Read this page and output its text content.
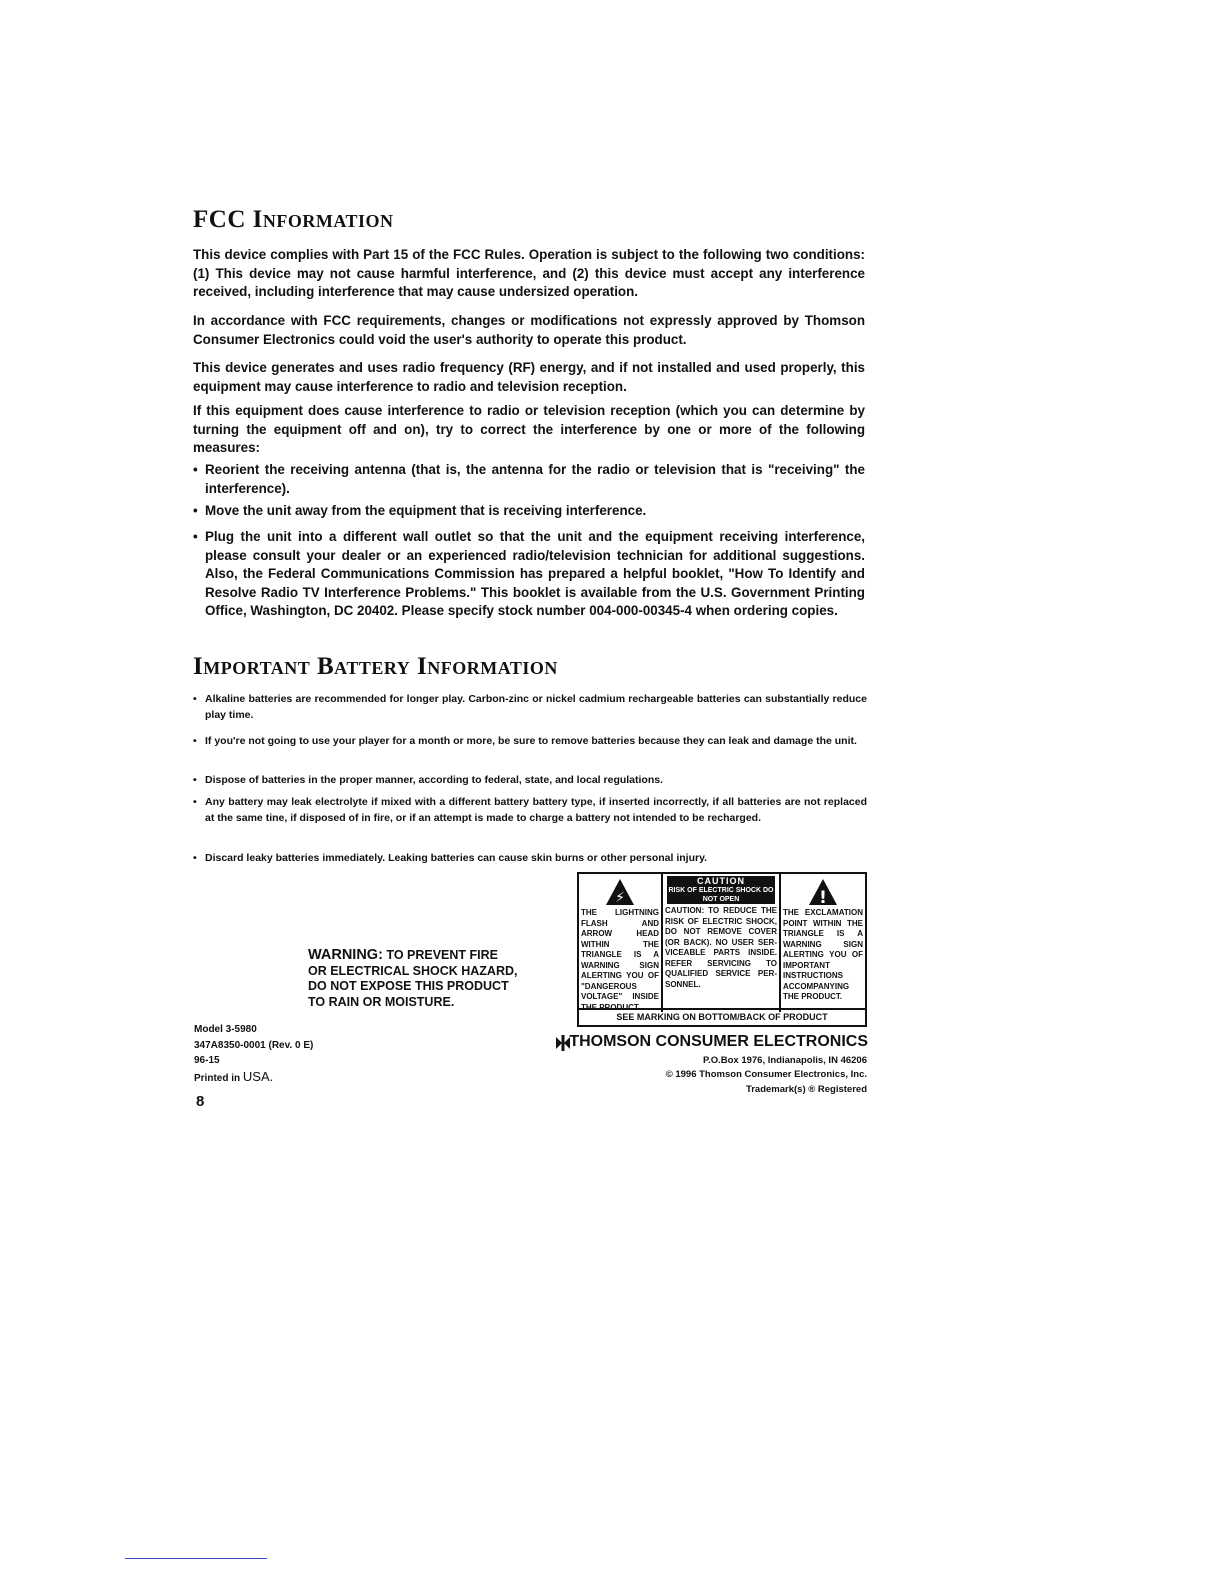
FCC Information

This device complies with Part 15 of the FCC Rules. Operation is subject to the following two conditions: (1) This device may not cause harmful interference, and (2) this device must accept any interference received, including interference that may cause undersized operation.

In accordance with FCC requirements, changes or modifications not expressly approved by Thomson Consumer Electronics could void the user's authority to operate this product.

This device generates and uses radio frequency (RF) energy, and if not installed and used properly, this equipment may cause interference to radio and television reception.

If this equipment does cause interference to radio or television reception (which you can determine by turning the equipment off and on), try to correct the interference by one or more of the following measures:

• Reorient the receiving antenna (that is, the antenna for the radio or television that is "receiving" the interference).

• Move the unit away from the equipment that is receiving interference.

• Plug the unit into a different wall outlet so that the unit and the equipment receiving interference, please consult your dealer or an experienced radio/television technician for additional suggestions. Also, the Federal Communications Commission has prepared a helpful booklet, "How To Identify and Resolve Radio TV Interference Problems." This booklet is available from the U.S. Government Printing Office, Washington, DC 20402. Please specify stock number 004-000-00345-4 when ordering copies.

Important Battery Information

• Alkaline batteries are recommended for longer play. Carbon-zinc or nickel cadmium rechargeable batteries can substantially reduce play time.

• If you're not going to use your player for a month or more, be sure to remove batteries because they can leak and damage the unit.

• Dispose of batteries in the proper manner, according to federal, state, and local regulations.

• Any battery may leak electrolyte if mixed with a different battery battery type, if inserted incorrectly, if all batteries are not replaced at the same tine, if disposed of in fire, or if an attempt is made to charge a battery not intended to be recharged.

• Discard leaky batteries immediately. Leaking batteries can cause skin burns or other personal injury.

WARNING: TO PREVENT FIRE
OR ELECTRICAL SHOCK HAZARD,
DO NOT EXPOSE THIS PRODUCT
TO RAIN OR MOISTURE.

⚡
THE LIGHTNING FLASH AND ARROW HEAD WITHIN THE TRIANGLE IS A WARNING SIGN ALERTING YOU OF "DANGEROUS VOLTAGE" INSIDE THE PRODUCT.
CAUTION
RISK OF ELECTRIC SHOCK DO NOT OPEN
CAUTION: TO REDUCE THE RISK OF ELECTRIC SHOCK, DO NOT REMOVE COVER (OR BACK). NO USER SER-VICEABLE PARTS INSIDE. REFER SERVICING TO QUALIFIED SERVICE PER-SONNEL.
!
THE EXCLAMATION POINT WITHIN THE TRIANGLE IS A WARNING SIGN ALERTING YOU OF IMPORTANT INSTRUCTIONS ACCOMPANYING THE PRODUCT.
SEE MARKING ON BOTTOM/BACK OF PRODUCT

Model 3-5980
347A8350-0001 (Rev. 0 E)
96-15
Printed in USA.

8
THOMSON CONSUMER ELECTRONICS
P.O.Box 1976, Indianapolis, IN 46206
© 1996 Thomson Consumer Electronics, Inc.
Trademark(s) ® Registered
